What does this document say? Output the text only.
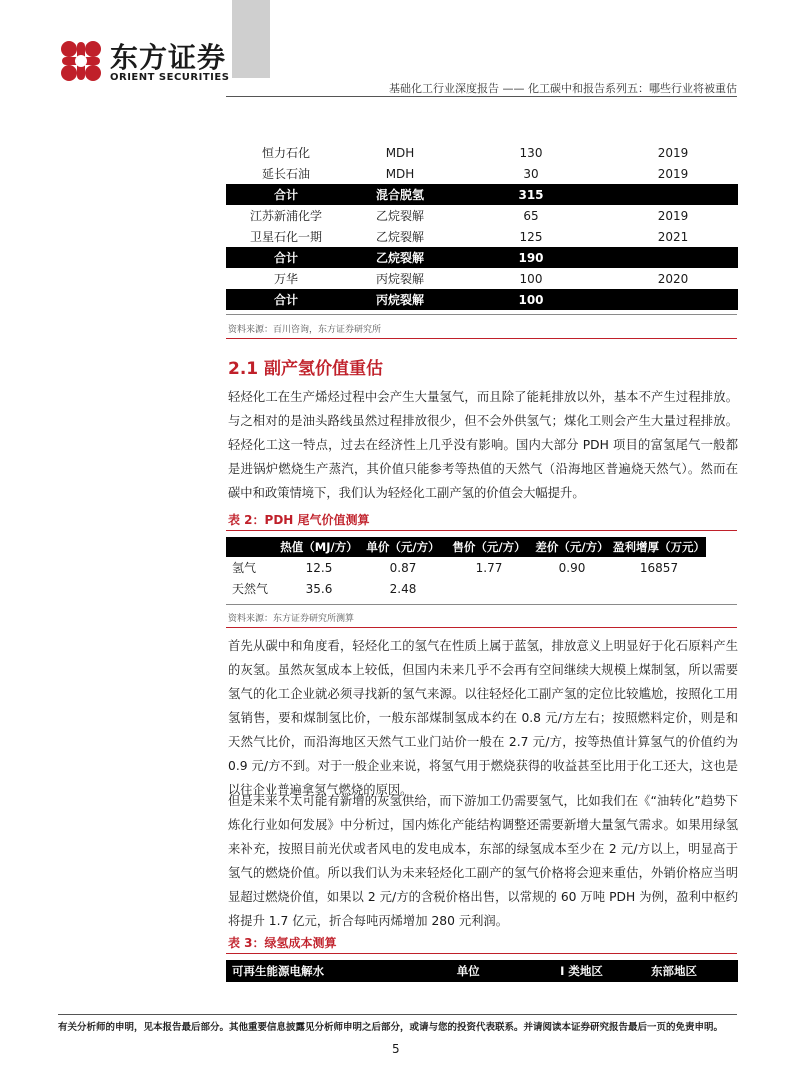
东方证券
ORIENT SECURITIES
基础化工行业深度报告 —— 化工碳中和报告系列五：哪些行业将被重估
恒力石化	MDH	130	2019
延长石油	MDH	30	2019
合计	混合脱氢	315	
江苏新浦化学	乙烷裂解	65	2019
卫星石化一期	乙烷裂解	125	2021
合计	乙烷裂解	190	
万华	丙烷裂解	100	2020
合计	丙烷裂解	100	
资料来源：百川咨询，东方证券研究所
2.1 副产氢价值重估
轻烃化工在生产烯烃过程中会产生大量氢气，而且除了能耗排放以外，基本不产生过程排放。与之相对的是油头路线虽然过程排放很少，但不会外供氢气；煤化工则会产生大量过程排放。轻烃化工这一特点，过去在经济性上几乎没有影响。国内大部分 PDH 项目的富氢尾气一般都是进锅炉燃烧生产蒸汽，其价值只能参考等热值的天然气（沿海地区普遍烧天然气）。然而在碳中和政策情境下，我们认为轻烃化工副产氢的价值会大幅提升。
表 2：PDH 尾气价值测算
	热值（MJ/方）	单价（元/方）	售价（元/方）	差价（元/方）	盈利增厚（万元）
氢气	12.5	0.87	1.77	0.90	16857
天然气	35.6	2.48			
资料来源：东方证券研究所测算
首先从碳中和角度看，轻烃化工的氢气在性质上属于蓝氢，排放意义上明显好于化石原料产生的灰氢。虽然灰氢成本上较低，但国内未来几乎不会再有空间继续大规模上煤制氢，所以需要氢气的化工企业就必须寻找新的氢气来源。以往轻烃化工副产氢的定位比较尴尬，按照化工用氢销售，要和煤制氢比价，一般东部煤制氢成本约在 0.8 元/方左右；按照燃料定价，则是和天然气比价，而沿海地区天然气工业门站价一般在 2.7 元/方，按等热值计算氢气的价值约为 0.9 元/方不到。对于一般企业来说，将氢气用于燃烧获得的收益甚至比用于化工还大，这也是以往企业普遍拿氢气燃烧的原因。
但是未来不太可能有新增的灰氢供给，而下游加工仍需要氢气，比如我们在《“油转化”趋势下炼化行业如何发展》中分析过，国内炼化产能结构调整还需要新增大量氢气需求。如果用绿氢来补充，按照目前光伏或者风电的发电成本，东部的绿氢成本至少在 2 元/方以上，明显高于氢气的燃烧价值。所以我们认为未来轻烃化工副产的氢气价格将会迎来重估，外销价格应当明显超过燃烧价值，如果以 2 元/方的含税价格出售，以常规的 60 万吨 PDH 为例，盈利中枢约将提升 1.7 亿元，折合每吨丙烯增加 280 元利润。
表 3：绿氢成本测算
可再生能源电解水	单位	I 类地区	东部地区
有关分析师的申明，见本报告最后部分。其他重要信息披露见分析师申明之后部分，或请与您的投资代表联系。并请阅读本证券研究报告最后一页的免责申明。
5
